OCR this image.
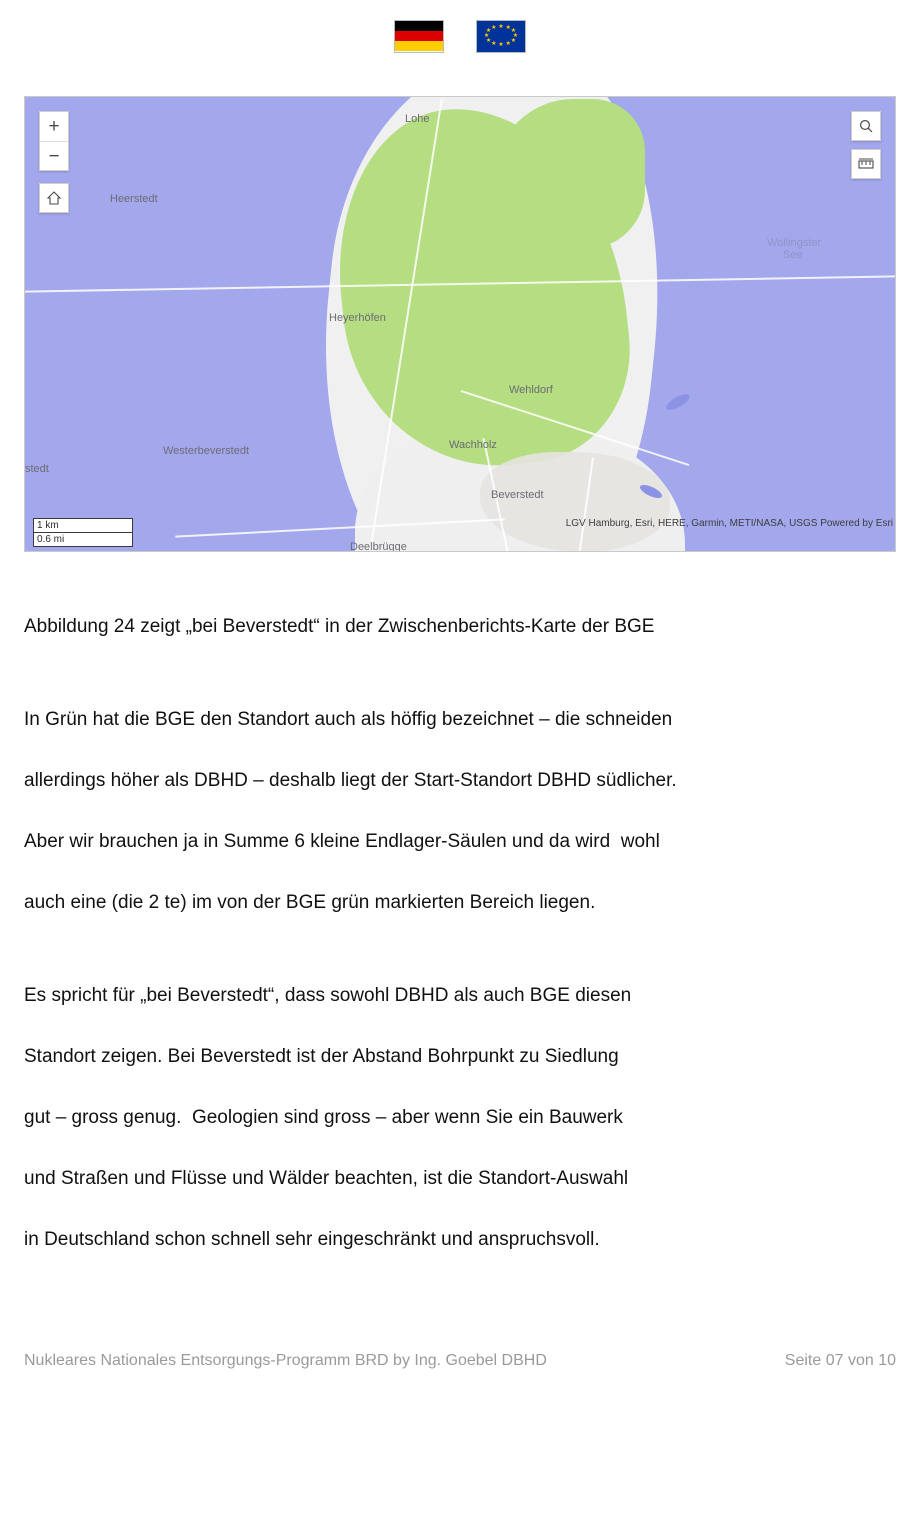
★ ★
★
★
★
★
★
★
★
★
★
★
Lohe
Heerstedt
Heyerhöfen
Wehldorf
Wachholz
Beverstedt
Westerbeverstedt
stedt
Deelbrügge
Wollingster
See
+
−
1 km
0.6 mi
LGV Hamburg, Esri, HERE, Garmin, METI/NASA, USGS Powered by Esri
Abbildung 24 zeigt „bei Beverstedt“ in der Zwischenberichts-Karte der BGE
In Grün hat die BGE den Standort auch als höffig bezeichnet – die schneiden
allerdings höher als DBHD – deshalb liegt der Start-Standort DBHD südlicher.
Aber wir brauchen ja in Summe 6 kleine Endlager-Säulen und da wird  wohl
auch eine (die 2 te) im von der BGE grün markierten Bereich liegen.
Es spricht für „bei Beverstedt“, dass sowohl DBHD als auch BGE diesen
Standort zeigen. Bei Beverstedt ist der Abstand Bohrpunkt zu Siedlung
gut – gross genug.  Geologien sind gross – aber wenn Sie ein Bauwerk
und Straßen und Flüsse und Wälder beachten, ist die Standort-Auswahl
in Deutschland schon schnell sehr eingeschränkt und anspruchsvoll.
Nukleares Nationales Entsorgungs-Programm BRD by Ing. Goebel DBHD	Seite 07 von 10
